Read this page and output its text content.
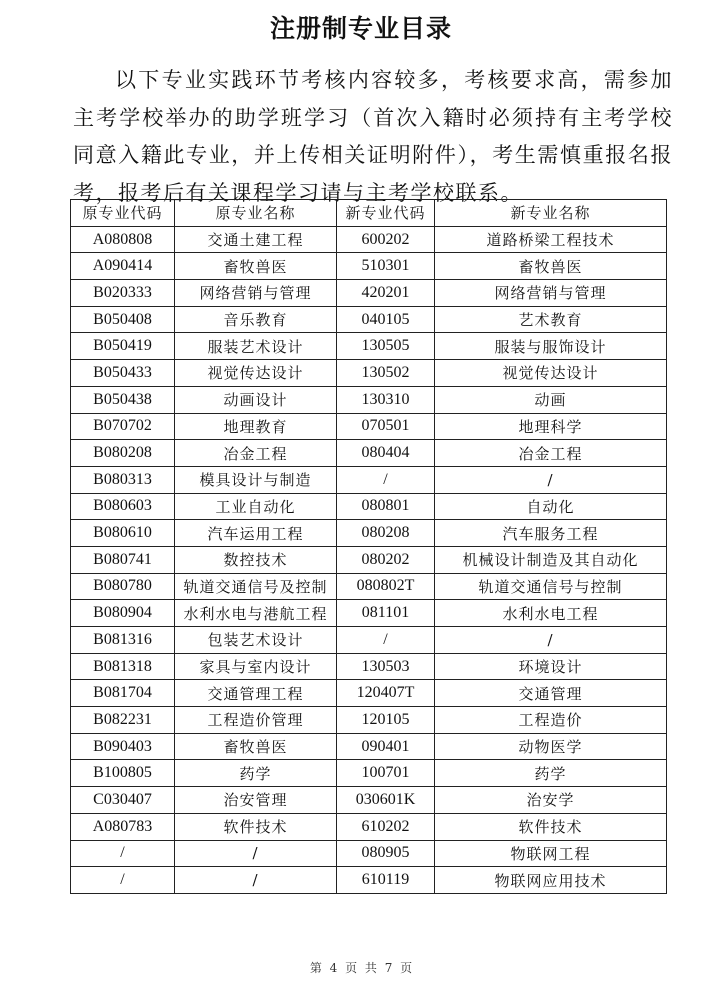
注册制专业目录

以下专业实践环节考核内容较多，考核要求高，需参加主考学校举办的助学班学习（首次入籍时必须持有主考学校同意入籍此专业，并上传相关证明附件），考生需慎重报名报考，报考后有关课程学习请与主考学校联系。

原专业代码	原专业名称	新专业代码	新专业名称
A080808	交通土建工程	600202	道路桥梁工程技术
A090414	畜牧兽医	510301	畜牧兽医
B020333	网络营销与管理	420201	网络营销与管理
B050408	音乐教育	040105	艺术教育
B050419	服装艺术设计	130505	服装与服饰设计
B050433	视觉传达设计	130502	视觉传达设计
B050438	动画设计	130310	动画
B070702	地理教育	070501	地理科学
B080208	冶金工程	080404	冶金工程
B080313	模具设计与制造	/	/
B080603	工业自动化	080801	自动化
B080610	汽车运用工程	080208	汽车服务工程
B080741	数控技术	080202	机械设计制造及其自动化
B080780	轨道交通信号及控制	080802T	轨道交通信号与控制
B080904	水利水电与港航工程	081101	水利水电工程
B081316	包装艺术设计	/	/
B081318	家具与室内设计	130503	环境设计
B081704	交通管理工程	120407T	交通管理
B082231	工程造价管理	120105	工程造价
B090403	畜牧兽医	090401	动物医学
B100805	药学	100701	药学
C030407	治安管理	030601K	治安学
A080783	软件技术	610202	软件技术
/	/	080905	物联网工程
/	/	610119	物联网应用技术
第 4 页 共 7 页
